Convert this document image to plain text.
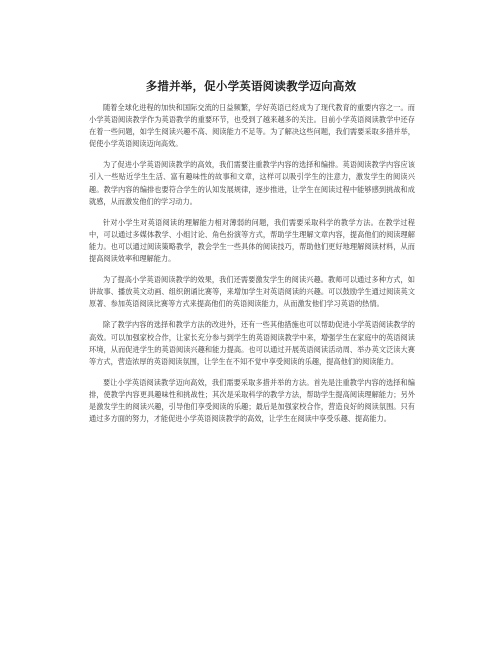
多措并举，促小学英语阅读教学迈向高效

随着全球化进程的加快和国际交流的日益频繁，学好英语已经成为了现代教育的重要内容之一。而小学英语阅读教学作为英语教学的重要环节，也受到了越来越多的关注。目前小学英语阅读教学中还存在着一些问题，如学生阅读兴趣不高、阅读能力不足等。为了解决这些问题，我们需要采取多措并举，促使小学英语阅读迈向高效。

为了促进小学英语阅读教学的高效，我们需要注重教学内容的选择和编排。英语阅读教学内容应该引入一些贴近学生生活、富有趣味性的故事和文章，这样可以吸引学生的注意力，激发学生的阅读兴趣。教学内容的编排也要符合学生的认知发展规律，逐步推进，让学生在阅读过程中能够感到挑战和成就感，从而激发他们的学习动力。

针对小学生对英语阅读的理解能力相对薄弱的问题，我们需要采取科学的教学方法。在教学过程中，可以通过多媒体教学、小组讨论、角色扮演等方式，帮助学生理解文章内容，提高他们的阅读理解能力。也可以通过阅读策略教学，教会学生一些具体的阅读技巧，帮助他们更好地理解阅读材料，从而提高阅读效率和理解能力。

为了提高小学英语阅读教学的效果，我们还需要激发学生的阅读兴趣。教师可以通过多种方式，如讲故事、播放英文动画、组织朗诵比赛等，来增加学生对英语阅读的兴趣。可以鼓励学生通过阅读英文原著、参加英语阅读比赛等方式来提高他们的英语阅读能力，从而激发他们学习英语的热情。

除了教学内容的选择和教学方法的改进外，还有一些其他措施也可以帮助促进小学英语阅读教学的高效。可以加强家校合作，让家长充分参与到学生的英语阅读教学中来，增强学生在家庭中的英语阅读环境，从而促进学生的英语阅读兴趣和能力提高。也可以通过开展英语阅读活动周、举办英文泛读大赛等方式，营造浓厚的英语阅读氛围，让学生在不知不觉中享受阅读的乐趣，提高他们的阅读能力。

要让小学英语阅读教学迈向高效，我们需要采取多措并举的方法。首先是注重教学内容的选择和编排，使教学内容更具趣味性和挑战性；其次是采取科学的教学方法，帮助学生提高阅读理解能力；另外是激发学生的阅读兴趣，引导他们享受阅读的乐趣；最后是加强家校合作，营造良好的阅读氛围。只有通过多方面的努力，才能促进小学英语阅读教学的高效，让学生在阅读中享受乐趣、提高能力。
